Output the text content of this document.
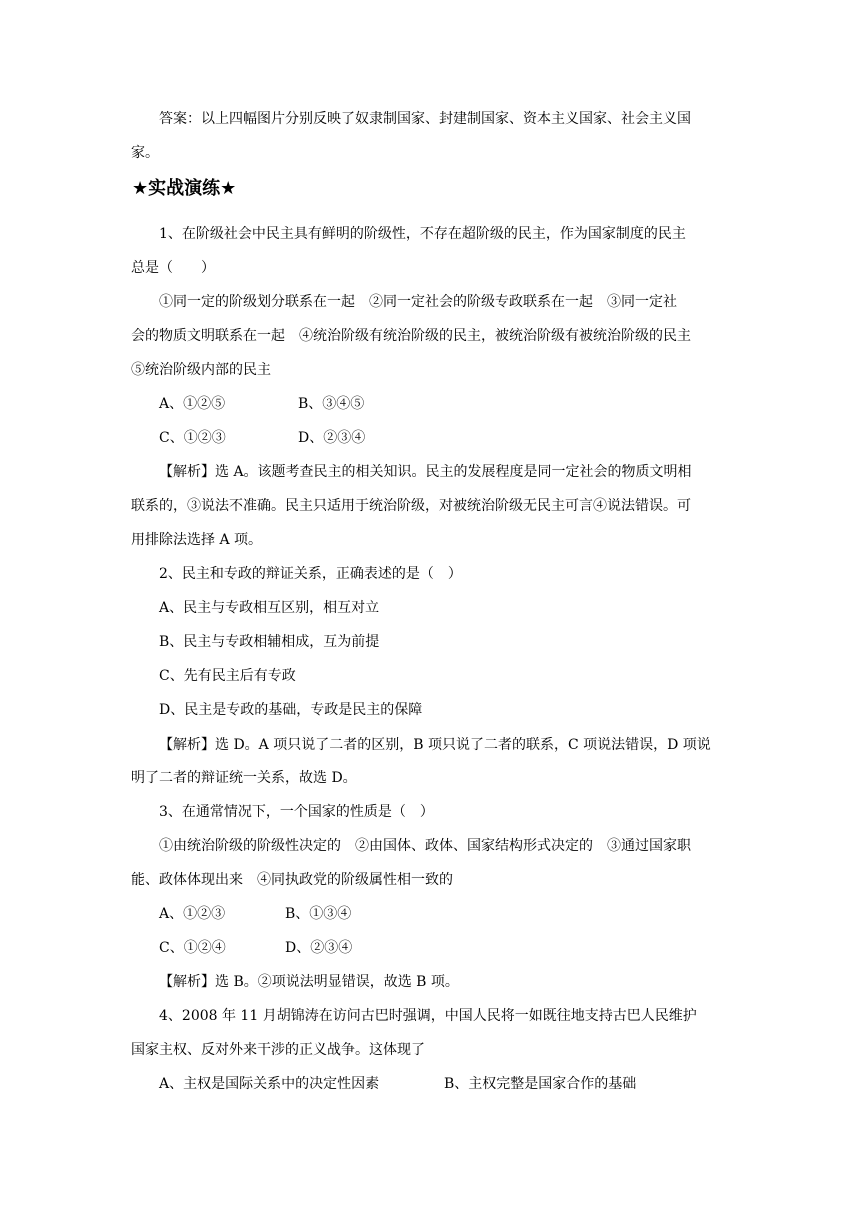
答案：以上四幅图片分别反映了奴隶制国家、封建制国家、资本主义国家、社会主义国
家。
★实战演练★
1、在阶级社会中民主具有鲜明的阶级性，不存在超阶级的民主，作为国家制度的民主
总是（　　）
①同一定的阶级划分联系在一起　②同一定社会的阶级专政联系在一起　③同一定社
会的物质文明联系在一起　④统治阶级有统治阶级的民主，被统治阶级有被统治阶级的民主
⑤统治阶级内部的民主
A、①②⑤	B、③④⑤
C、①②③	D、②③④
【解析】选 A。该题考查民主的相关知识。民主的发展程度是同一定社会的物质文明相
联系的，③说法不准确。民主只适用于统治阶级，对被统治阶级无民主可言④说法错误。可
用排除法选择 A 项。
2、民主和专政的辩证关系，正确表述的是（　）
A、民主与专政相互区别，相互对立
B、民主与专政相辅相成，互为前提
C、先有民主后有专政
D、民主是专政的基础，专政是民主的保障
【解析】选 D。A 项只说了二者的区别，B 项只说了二者的联系，C 项说法错误，D 项说
明了二者的辩证统一关系，故选 D。
3、在通常情况下，一个国家的性质是（　）
①由统治阶级的阶级性决定的　②由国体、政体、国家结构形式决定的　③通过国家职
能、政体体现出来　④同执政党的阶级属性相一致的
A、①②③	B、①③④
C、①②④	D、②③④
【解析】选 B。②项说法明显错误，故选 B 项。
4、2008 年 11 月胡锦涛在访问古巴时强调，中国人民将一如既往地支持古巴人民维护
国家主权、反对外来干涉的正义战争。这体现了
A、主权是国际关系中的决定性因素	B、主权完整是国家合作的基础
